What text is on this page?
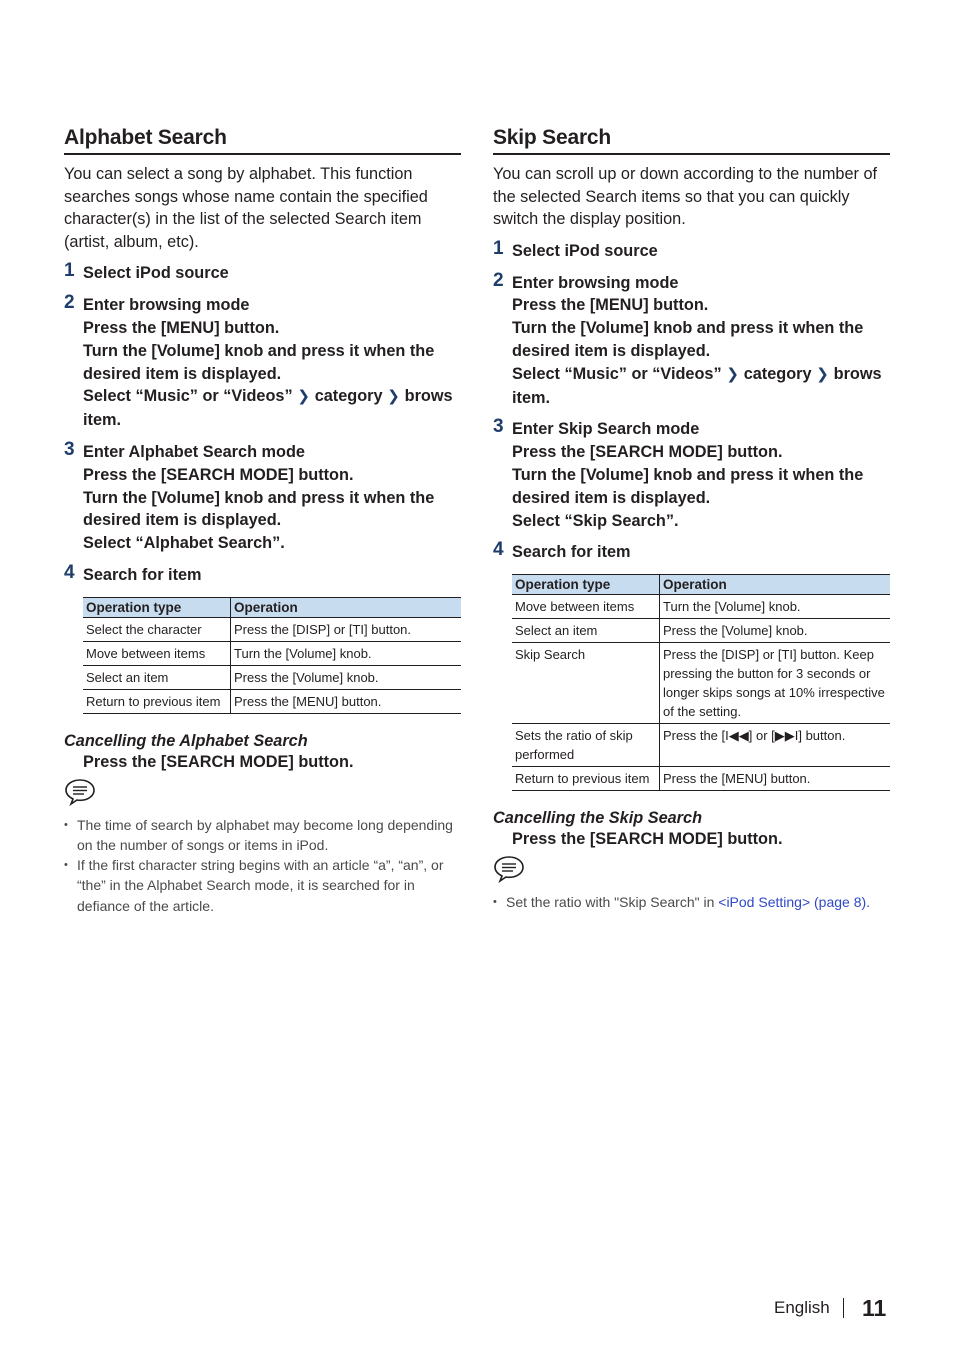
Alphabet Search

You can select a song by alphabet. This function searches songs whose name contain the specified character(s) in the list of the selected Search item (artist, album, etc).

1 Select iPod source
2 Enter browsing mode
Press the [MENU] button.
Turn the [Volume] knob and press it when the desired item is displayed.
Select “Music” or “Videos” ❯ category ❯ brows
item.
3 Enter Alphabet Search mode
Press the [SEARCH MODE] button.
Turn the [Volume] knob and press it when the desired item is displayed.
Select “Alphabet Search”.
4 Search for item
Operation type	Operation
Select the character	Press the [DISP] or [TI] button.
Move between items	Turn the [Volume] knob.
Select an item	Press the [Volume] knob.
Return to previous item	Press the [MENU] button.
Cancelling the Alphabet Search
Press the [SEARCH MODE] button.
• The time of search by alphabet may become long depending on the number of songs or items in iPod.
• If the first character string begins with an article “a”, “an”, or “the” in the Alphabet Search mode, it is searched for in defiance of the article.
Skip Search

You can scroll up or down according to the number of the selected Search items so that you can quickly switch the display position.

1 Select iPod source
2 Enter browsing mode
Press the [MENU] button.
Turn the [Volume] knob and press it when the desired item is displayed.
Select “Music” or “Videos” ❯ category ❯ brows
item.
3 Enter Skip Search mode
Press the [SEARCH MODE] button.
Turn the [Volume] knob and press it when the desired item is displayed.
Select “Skip Search”.
4 Search for item
Operation type	Operation
Move between items	Turn the [Volume] knob.
Select an item	Press the [Volume] knob.
Skip Search	Press the [DISP] or [TI] button. Keep pressing the button for 3 seconds or longer skips songs at 10% irrespective of the setting.
Sets the ratio of skip performed	Press the [I◀◀] or [▶▶I] button.
Return to previous item	Press the [MENU] button.
Cancelling the Skip Search
Press the [SEARCH MODE] button.
• Set the ratio with "Skip Search" in <iPod Setting> (page 8).
English 11
